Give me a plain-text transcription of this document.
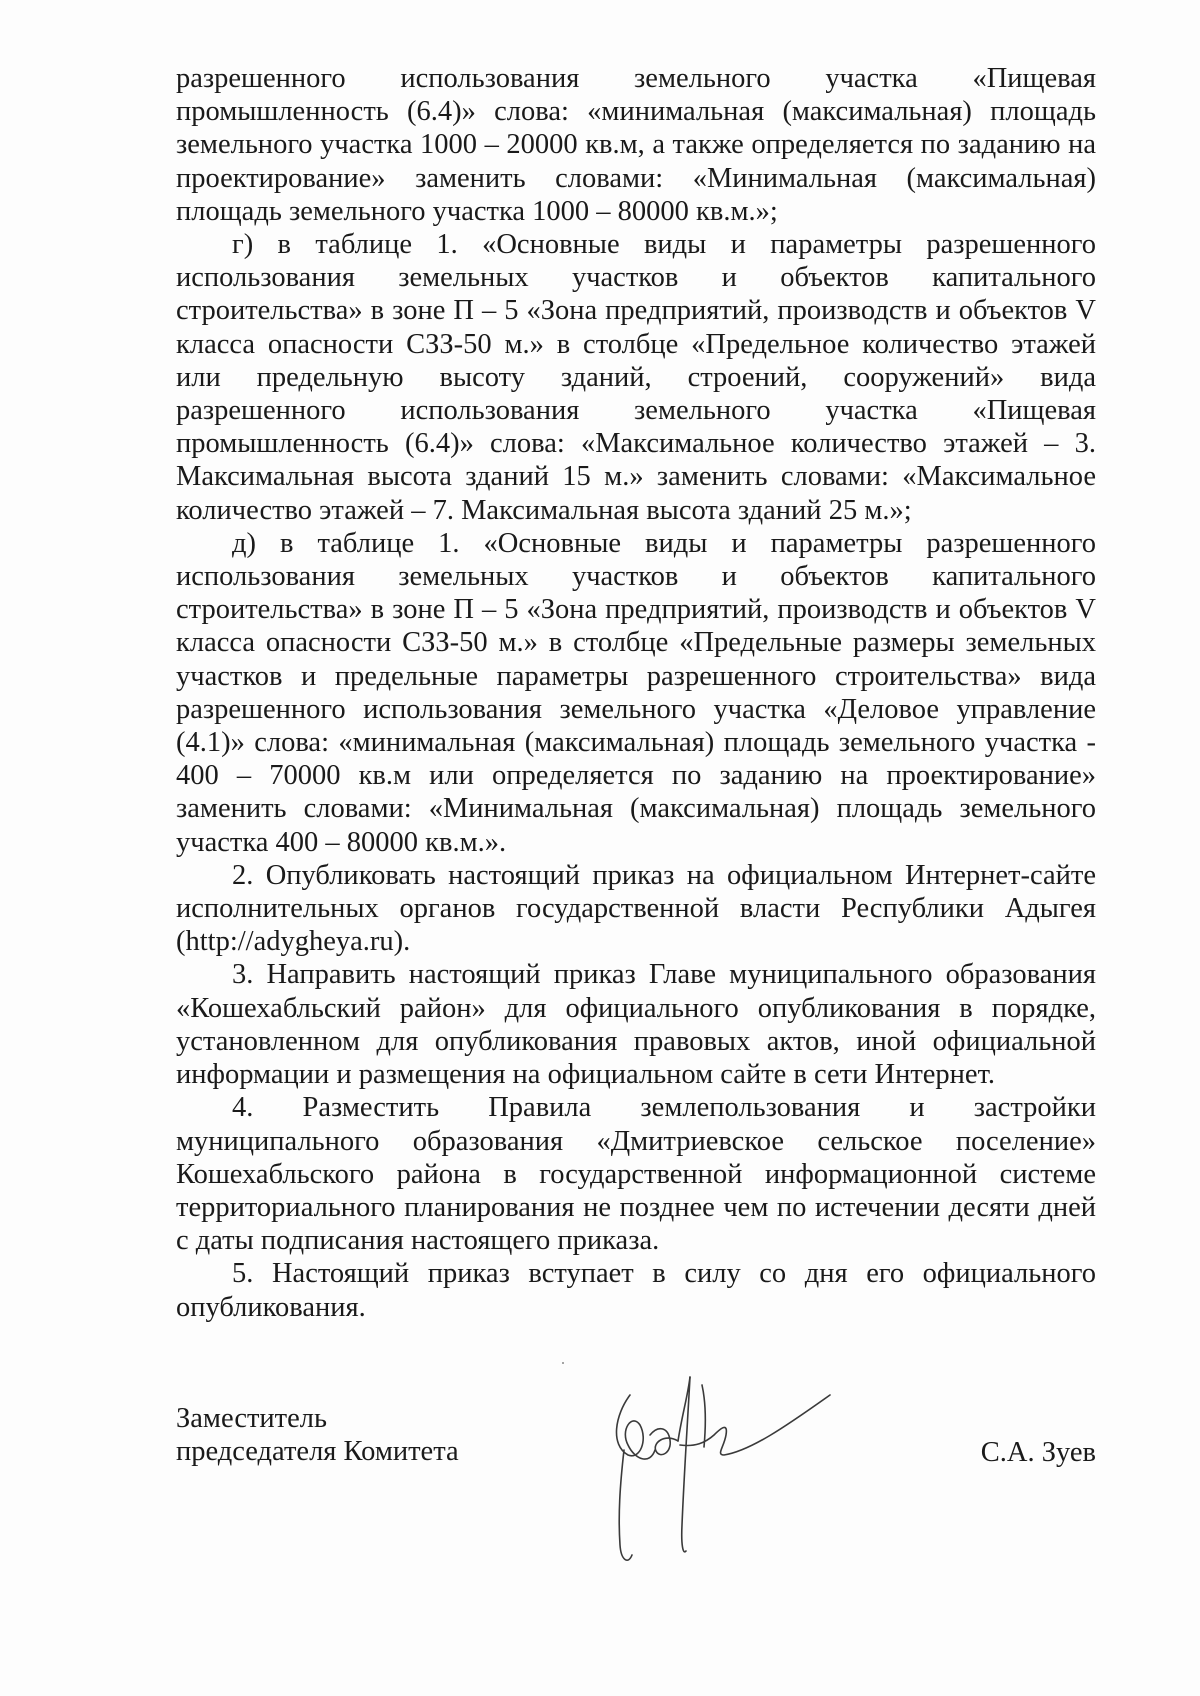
разрешенного использования земельного участка «Пищевая промышленность (6.4)» слова: «минимальная (максимальная) площадь земельного участка 1000 – 20000 кв.м, а также определяется по заданию на проектирование» заменить словами: «Минимальная (максимальная) площадь земельного участка 1000 – 80000 кв.м.»;

г) в таблице 1. «Основные виды и параметры разрешенного использования земельных участков и объектов капитального строительства» в зоне П – 5 «Зона предприятий, производств и объектов V класса опасности СЗЗ-50 м.» в столбце «Предельное количество этажей или предельную высоту зданий, строений, сооружений» вида разрешенного использования земельного участка «Пищевая промышленность (6.4)» слова: «Максимальное количество этажей – 3. Максимальная высота зданий 15 м.» заменить словами: «Максимальное количество этажей – 7. Максимальная высота зданий 25 м.»;

д) в таблице 1. «Основные виды и параметры разрешенного использования земельных участков и объектов капитального строительства» в зоне П – 5 «Зона предприятий, производств и объектов V класса опасности СЗЗ-50 м.» в столбце «Предельные размеры земельных участков и предельные параметры разрешенного строительства» вида разрешенного использования земельного участка «Деловое управление (4.1)» слова: «минимальная (максимальная) площадь земельного участка - 400 – 70000 кв.м или определяется по заданию на проектирование» заменить словами: «Минимальная (максимальная) площадь земельного участка 400 – 80000 кв.м.».

2. Опубликовать настоящий приказ на официальном Интернет-сайте исполнительных органов государственной власти Республики Адыгея (http://adygheya.ru).

3. Направить настоящий приказ Главе муниципального образования «Кошехабльский район» для официального опубликования в порядке, установленном для опубликования правовых актов, иной официальной информации и размещения на официальном сайте в сети Интернет.

4. Разместить Правила землепользования и застройки муниципального образования «Дмитриевское сельское поселение» Кошехабльского района в государственной информационной системе территориального планирования не позднее чем по истечении десяти дней с даты подписания настоящего приказа.

5. Настоящий приказ вступает в силу со дня его официального опубликования.

Заместитель
председателя Комитета	С.А. Зуев
